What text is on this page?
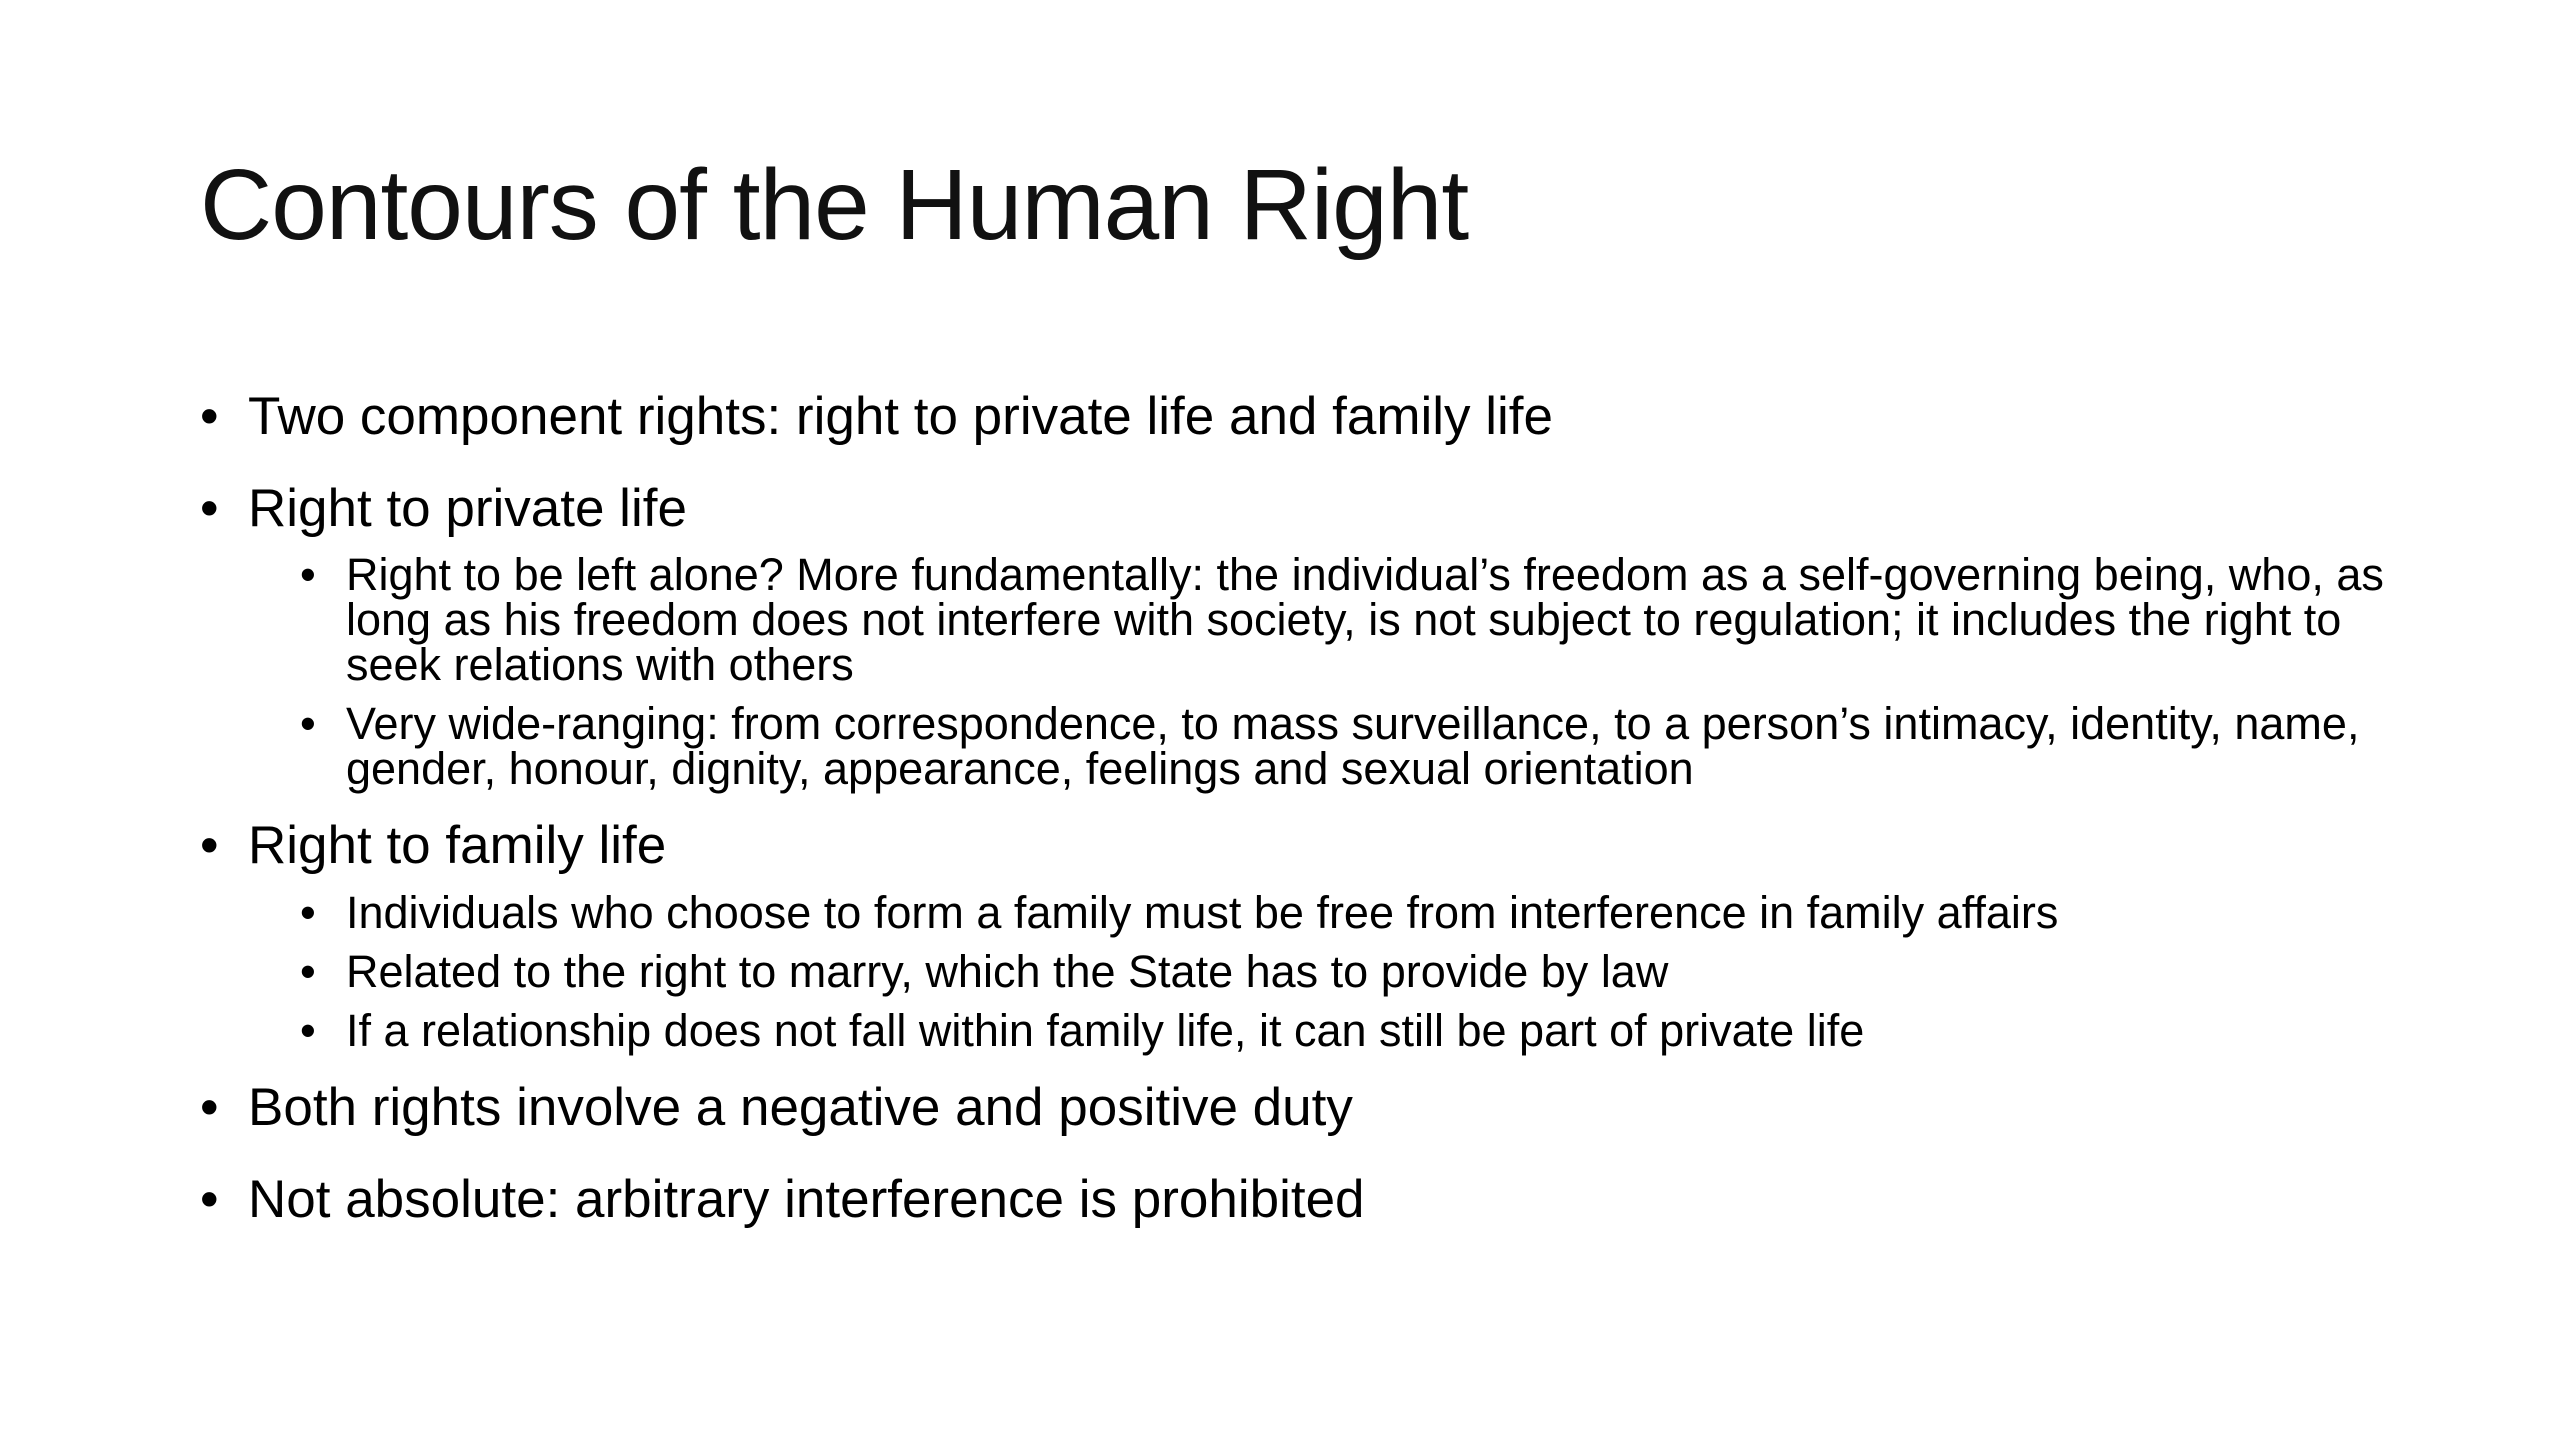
Contours of the Human Right
• Two component rights: right to private life and family life
• Right to private life
• Right to be left alone? More fundamentally: the individual’s freedom as a self-governing being, who, as long as his freedom does not interfere with society, is not subject to regulation; it includes the right to seek relations with others
• Very wide-ranging: from correspondence, to mass surveillance, to a person’s intimacy, identity, name, gender, honour, dignity, appearance, feelings and sexual orientation
• Right to family life
• Individuals who choose to form a family must be free from interference in family affairs
• Related to the right to marry, which the State has to provide by law
• If a relationship does not fall within family life, it can still be part of private life
• Both rights involve a negative and positive duty
• Not absolute: arbitrary interference is prohibited
